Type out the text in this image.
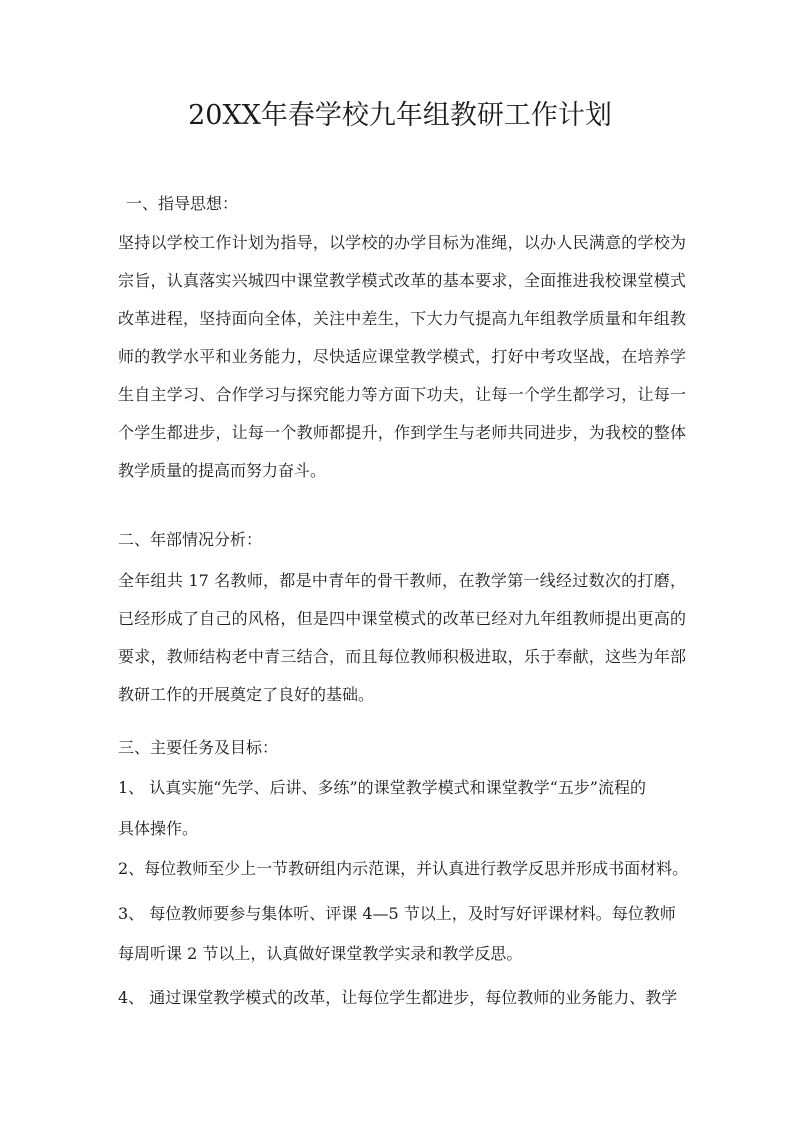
20XX年春学校九年组教研工作计划
一、指导思想：
坚持以学校工作计划为指导，以学校的办学目标为准绳，以办人民满意的学校为宗旨，认真落实兴城四中课堂教学模式改革的基本要求，全面推进我校课堂模式改革进程，坚持面向全体，关注中差生，下大力气提高九年组教学质量和年组教师的教学水平和业务能力，尽快适应课堂教学模式，打好中考攻坚战，在培养学生自主学习、合作学习与探究能力等方面下功夫，让每一个学生都学习，让每一个学生都进步，让每一个教师都提升，作到学生与老师共同进步，为我校的整体教学质量的提高而努力奋斗。
二、年部情况分析：
全年组共 17 名教师，都是中青年的骨干教师，在教学第一线经过数次的打磨，已经形成了自己的风格，但是四中课堂模式的改革已经对九年组教师提出更高的要求，教师结构老中青三结合，而且每位教师积极进取，乐于奉献，这些为年部教研工作的开展奠定了良好的基础。
三、主要任务及目标：
1、 认真实施“先学、后讲、多练”的课堂教学模式和课堂教学“五步”流程的
具体操作。
2、每位教师至少上一节教研组内示范课，并认真进行教学反思并形成书面材料。
3、 每位教师要参与集体听、评课 4—5 节以上，及时写好评课材料。每位教师
每周听课 2 节以上，认真做好课堂教学实录和教学反思。
4、 通过课堂教学模式的改革，让每位学生都进步，每位教师的业务能力、教学
